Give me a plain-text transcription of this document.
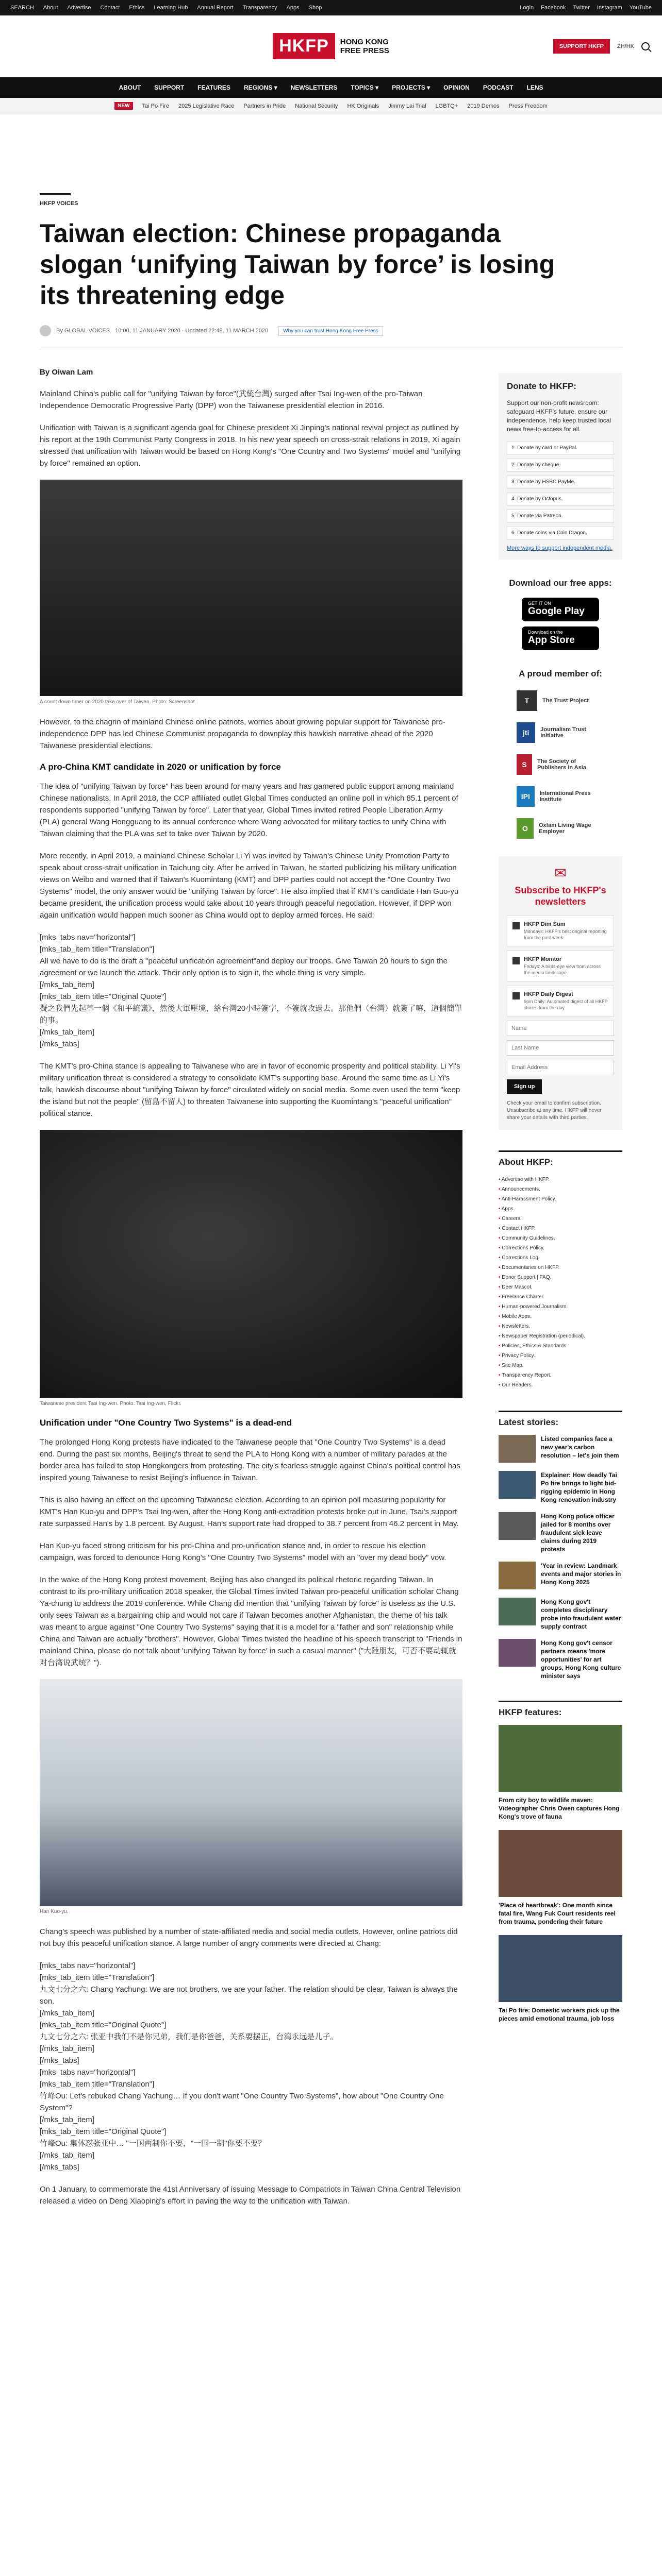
SEARCH About Advertise Contact Ethics Learning Hub Annual Report Transparency Apps Shop	Login Facebook Twitter Instagram YouTube
HKFP	HONG KONG
FREE PRESS	SUPPORT HKFP	ZH/HK
ABOUT SUPPORT FEATURES REGIONS ▾ NEWSLETTERS TOPICS ▾ PROJECTS ▾ OPINION PODCAST LENS
NEW	Tai Po Fire 2025 Legislative Race Partners in Pride National Security HK Originals Jimmy Lai Trial LGBTQ+ 2019 Demos Press Freedom
HKFP VOICES
Taiwan election: Chinese propaganda slogan ‘unifying Taiwan by force’ is losing its threatening edge
By GLOBAL VOICES 10:00, 11 JANUARY 2020 · Updated 22:48, 11 MARCH 2020	Why you can trust Hong Kong Free Press
By Oiwan Lam

Mainland China's public call for "unifying Taiwan by force"(武統台灣) surged after Tsai Ing-wen of the pro-Taiwan Independence Democratic Progressive Party (DPP) won the Taiwanese presidential election in 2016.

Unification with Taiwan is a significant agenda goal for Chinese president Xi Jinping's national revival project as outlined by his report at the 19th Communist Party Congress in 2018. In his new year speech on cross-strait relations in 2019, Xi again stressed that unification with Taiwan would be based on Hong Kong's "One Country and Two Systems" model and "unifying by force" remained an option.

A count down timer on 2020 take over of Taiwan. Photo: Screenshot.

However, to the chagrin of mainland Chinese online patriots, worries about growing popular support for Taiwanese pro-independence DPP has led Chinese Communist propaganda to downplay this hawkish narrative ahead of the 2020 Taiwanese presidential elections.

A pro-China KMT candidate in 2020 or unification by force

The idea of "unifying Taiwan by force" has been around for many years and has gamered public support among mainland Chinese nationalists. In April 2018, the CCP affiliated outlet Global Times conducted an online poll in which 85.1 percent of respondents supported "unifying Taiwan by force". Later that year, Global Times invited retired People Liberation Army (PLA) general Wang Hongguang to its annual conference where Wang advocated for military tactics to unify China with Taiwan claiming that the PLA was set to take over Taiwan by 2020.

More recently, in April 2019, a mainland Chinese Scholar Li Yi was invited by Taiwan's Chinese Unity Promotion Party to speak about cross-strait unification in Taichung city. After he arrived in Taiwan, he started publicizing his military unification views on Weibo and warned that if Taiwan's Kuomintang (KMT) and DPP parties could not accept the "One Country Two Systems" model, the only answer would be "unifying Taiwan by force". He also implied that if KMT's candidate Han Guo-yu became president, the unification process would take about 10 years through peaceful negotiation. However, if DPP won again unification would happen much sooner as China would opt to deploy armed forces. He said:

[mks_tabs nav="horizontal"]
[mks_tab_item title="Translation"]
All we have to do is the draft a "peaceful unification agreement"and deploy our troops. Give Taiwan 20 hours to sign the agreement or we launch the attack. Their only option is to sign it, the whole thing is very simple.
[/mks_tab_item]
[mks_tab_item title="Original Quote"]
擬之我們先起草一個《和平統議》，然後大軍壓境，給台灣20小時簽字，不簽就攻過去。那他們（台灣）就簽了嘛，這個簡單的事。
[/mks_tab_item]
[/mks_tabs]

The KMT's pro-China stance is appealing to Taiwanese who are in favor of economic prosperity and political stability. Li Yi's military unification threat is considered a strategy to consolidate KMT's supporting base. Around the same time as Li Yi's talk, hawkish discourse about "unifying Taiwan by force" circulated widely on social media. Some even used the term "keep the island but not the people" (留島不留人) to threaten Taiwanese into supporting the Kuomintang's "peaceful unification" political stance.

Taiwanese president Tsai Ing-wen. Photo: Tsai Ing-wen, Flickr.
Unification under "One Country Two Systems" is a dead-end

The prolonged Hong Kong protests have indicated to the Taiwanese people that "One Country Two Systems" is a dead end. During the past six months, Beijing's threat to send the PLA to Hong Kong with a number of military parades at the border area has failed to stop Hongkongers from protesting. The city's fearless struggle against China's political control has inspired young Taiwanese to resist Beijing's influence in Taiwan.

This is also having an effect on the upcoming Taiwanese election. According to an opinion poll measuring popularity for KMT's Han Kuo-yu and DPP's Tsai Ing-wen, after the Hong Kong anti-extradition protests broke out in June, Tsai's support rate surpassed Han's by 1.8 percent. By August, Han's support rate had dropped to 38.7 percent from 46.2 percent in May.

Han Kuo-yu faced strong criticism for his pro-China and pro-unification stance and, in order to rescue his election campaign, was forced to denounce Hong Kong's "One Country Two Systems" model with an "over my dead body" vow.

In the wake of the Hong Kong protest movement, Beijing has also changed its political rhetoric regarding Taiwan. In contrast to its pro-military unification 2018 speaker, the Global Times invited Taiwan pro-peaceful unification scholar Chang Ya-chung to address the 2019 conference. While Chang did mention that "unifying Taiwan by force" is useless as the U.S. only sees Taiwan as a bargaining chip and would not care if Taiwan becomes another Afghanistan, the theme of his talk was meant to argue against "One Country Two Systems" saying that it is a model for a "father and son" relationship while China and Taiwan are actually "brothers". However, Global Times twisted the headline of his speech transcript to "Friends in mainland China, please do not talk about 'unifying Taiwan by force' in such a casual manner" ("大陸朋友，可否不要动辄就对台湾说武统？").

Han Kuo-yu.

Chang's speech was published by a number of state-affiliated media and social media outlets. However, online patriots did not buy this peaceful unification stance. A large number of angry comments were directed at Chang:

[mks_tabs nav="horizontal"]
[mks_tab_item title="Translation"]
九文七分之六: Chang Yachung: We are not brothers, we are your father. The relation should be clear, Taiwan is always the son.
[/mks_tab_item]
[mks_tab_item title="Original Quote"]
九文七分之六: 张亚中我们不是你兄弟，我们是你爸爸，关系要摆正，台湾永远是儿子。
[/mks_tab_item]
[/mks_tabs]
[mks_tabs nav="horizontal"]
[mks_tab_item title="Translation"]
竹峰Ou: Let's rebuked Chang Yachung… If you don't want "One Country Two Systems", how about "One Country One System"?
[/mks_tab_item]
[mks_tab_item title="Original Quote"]
竹峰Ou: 集体怼张亚中… "一国两制你不要，"一国一制"你要不要？
[/mks_tab_item]
[/mks_tabs]

On 1 January, to commemorate the 41st Anniversary of issuing Message to Compatriots in Taiwan China Central Television released a video on Deng Xiaoping's effort in paving the way to the unification with Taiwan.

Donate to HKFP:
Support our non-profit newsroom: safeguard HKFP's future, ensure our independence, help keep trusted local news free-to-access for all.
1. Donate by card or PayPal.
2. Donate by cheque.
3. Donate by HSBC PayMe.
4. Donate by Octopus.
5. Donate via Patreon.
6. Donate coins via Coin Dragon.
More ways to support independent media.
Download our free apps:
GET IT ON
Google Play
Download on the
App Store
A proud member of:
T	The Trust Project
jti	Journalism Trust Initiative
S	The Society of Publishers in Asia
IPI	International Press Institute
O	Oxfam Living Wage Employer
✉
Subscribe to HKFP's newsletters
HKFP Dim Sum
Mondays: HKFP's best original reporting from the past week.
HKFP Monitor
Fridays: A birds-eye view from across the media landscape.
HKFP Daily Digest
9pm Daily: Automated digest of all HKFP stories from the day.
Name Last Name Email Address Sign up
Check your email to confirm subscription. Unsubscribe at any time. HKFP will never share your details with third parties.
About HKFP:
• Advertise with HKFP.
• Announcements.
• Anti-Harassment Policy.
• Apps.
• Careers.
• Contact HKFP.
• Community Guidelines.
• Corrections Policy.
• Corrections Log.
• Documentaries on HKFP.
• Donor Support | FAQ.
• Deer Mascot.
• Freelance Charter.
• Human-powered Journalism.
• Mobile Apps.
• Newsletters.
• Newspaper Registration (periodical).
• Policies, Ethics & Standards.
• Privacy Policy.
• Site Map.
• Transparency Report.
• Our Readers.
Latest stories:
Listed companies face a new year's carbon resolution – let's join them
Explainer: How deadly Tai Po fire brings to light bid-rigging epidemic in Hong Kong renovation industry
Hong Kong police officer jailed for 8 months over fraudulent sick leave claims during 2019 protests
'Year in review: Landmark events and major stories in Hong Kong 2025
Hong Kong gov't completes disciplinary probe into fraudulent water supply contract
Hong Kong gov't censor partners means 'more opportunities' for art groups, Hong Kong culture minister says
HKFP features:
From city boy to wildlife maven: Videographer Chris Owen captures Hong Kong's trove of fauna
'Place of heartbreak': One month since fatal fire, Wang Fuk Court residents reel from trauma, pondering their future
Tai Po fire: Domestic workers pick up the pieces amid emotional trauma, job loss
